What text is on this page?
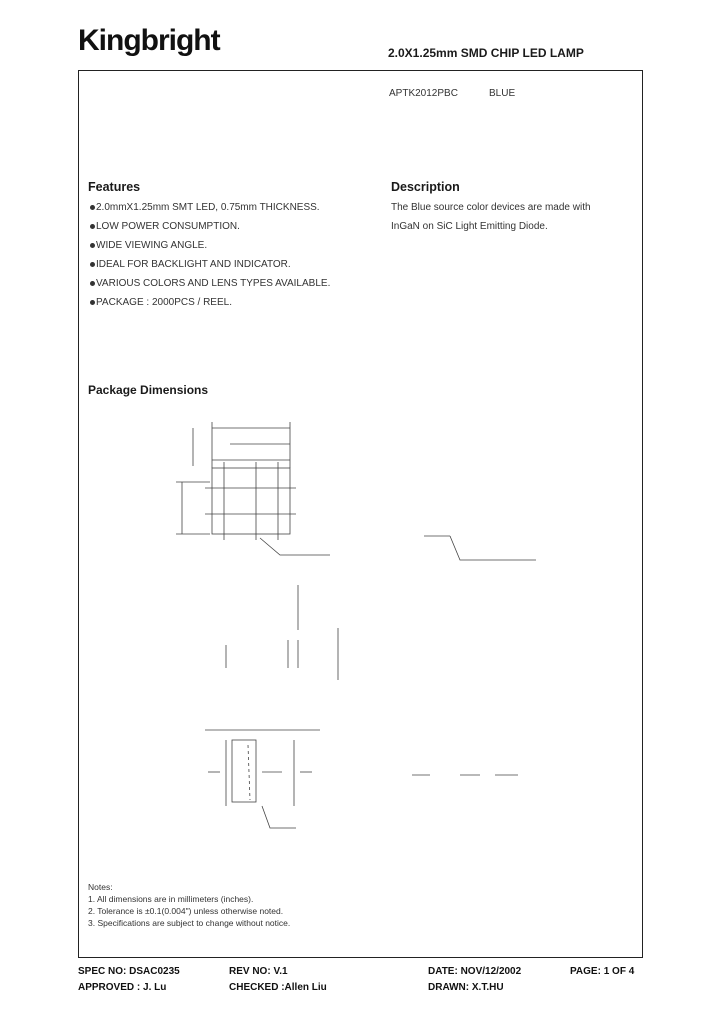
Kingbright	2.0X1.25mm SMD CHIP LED LAMP
APTK2012PBC	BLUE
Features
2.0mmX1.25mm SMT LED, 0.75mm THICKNESS.
LOW POWER CONSUMPTION.
WIDE VIEWING ANGLE.
IDEAL FOR BACKLIGHT AND INDICATOR.
VARIOUS COLORS AND LENS TYPES AVAILABLE.
PACKAGE : 2000PCS / REEL.
Description
The Blue source color devices are made with
InGaN on SiC Light Emitting Diode.
Package Dimensions
Notes:
1. All dimensions are in millimeters (inches).
2. Tolerance is ±0.1(0.004") unless otherwise noted.
3. Specifications are subject to change without notice.
SPEC NO: DSAC0235	REV NO: V.1	DATE: NOV/12/2002	PAGE: 1 OF 4
APPROVED : J. Lu	CHECKED :Allen Liu	DRAWN: X.T.HU
